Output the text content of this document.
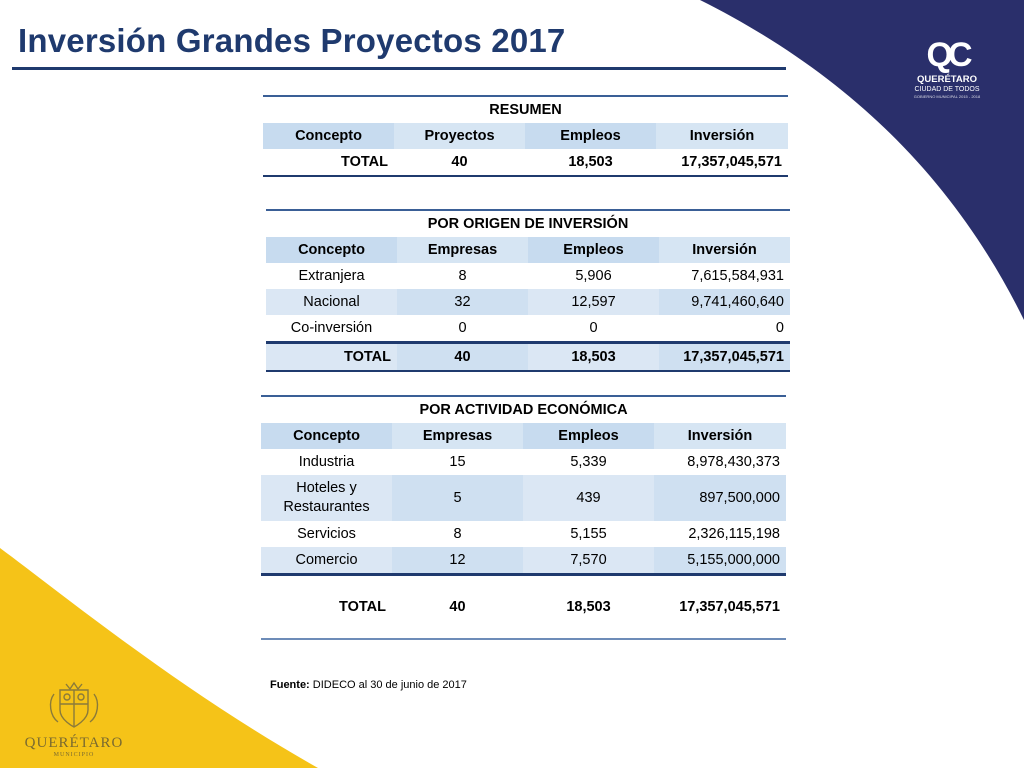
Inversión Grandes Proyectos 2017
RESUMEN			
Concepto	Proyectos	Empleos	Inversión
TOTAL	40	18,503	17,357,045,571
POR ORIGEN DE INVERSIÓN			
Concepto	Empresas	Empleos	Inversión
Extranjera	8	5,906	7,615,584,931
Nacional	32	12,597	9,741,460,640
Co-inversión	0	0	0
TOTAL	40	18,503	17,357,045,571
POR ACTIVIDAD ECONÓMICA			
Concepto	Empresas	Empleos	Inversión
Industria	15	5,339	8,978,430,373
Hoteles y Restaurantes	5	439	897,500,000
Servicios	8	5,155	2,326,115,198
Comercio	12	7,570	5,155,000,000
TOTAL	40	18,503	17,357,045,571
Fuente: DIDECO al 30 de junio de 2017
QC
QUERÉTARO
CIUDAD DE TODOS
GOBIERNO MUNICIPAL 2015 - 2018
QUERÉTARO
MUNICIPIO
